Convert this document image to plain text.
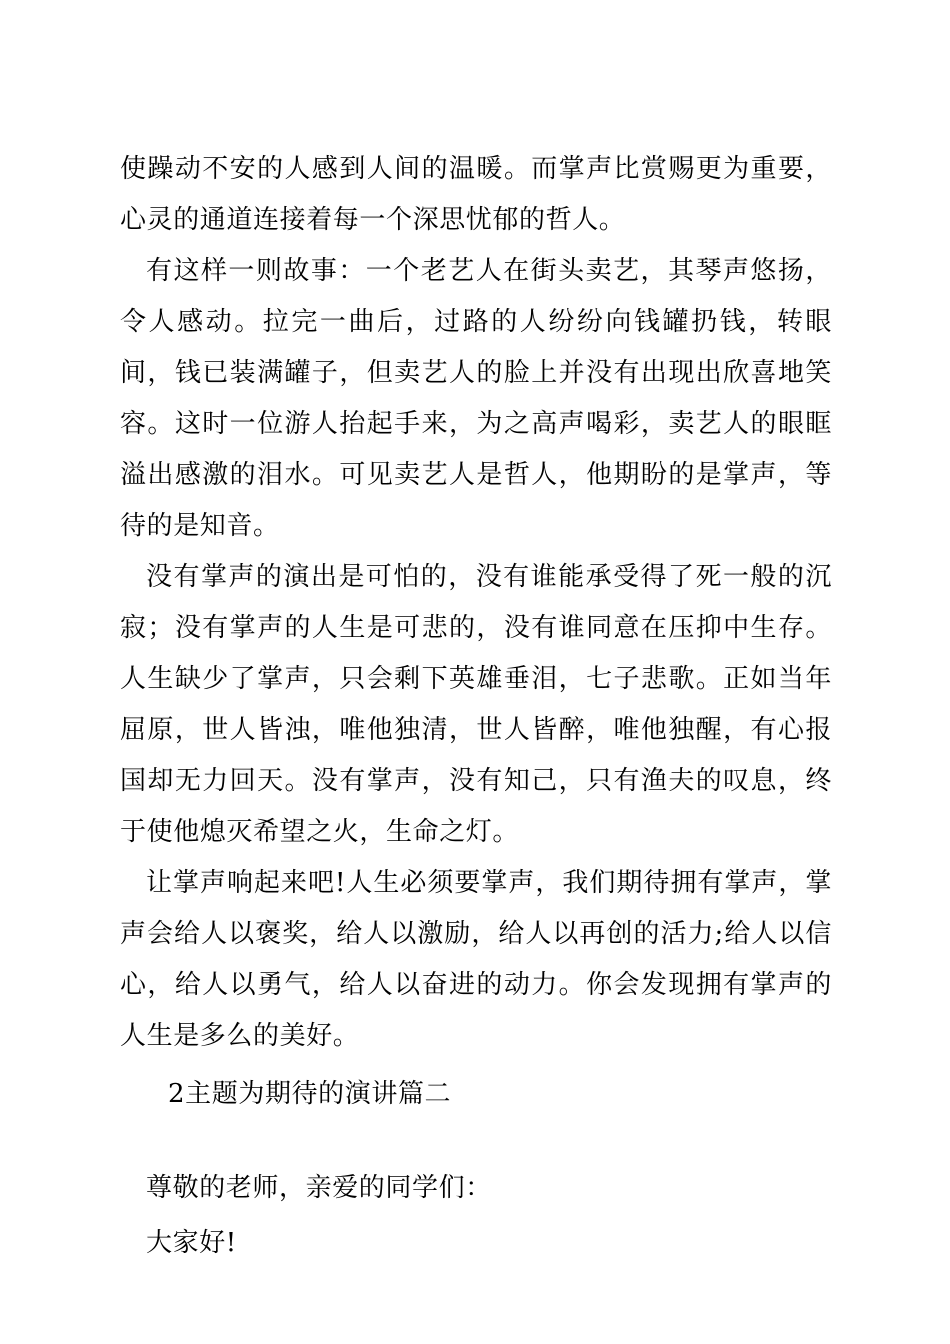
使躁动不安的人感到人间的温暖。而掌声比赏赐更为重要，心灵的通道连接着每一个深思忧郁的哲人。

有这样一则故事：一个老艺人在街头卖艺，其琴声悠扬，令人感动。拉完一曲后，过路的人纷纷向钱罐扔钱，转眼间，钱已装满罐子，但卖艺人的脸上并没有出现出欣喜地笑容。这时一位游人抬起手来，为之高声喝彩，卖艺人的眼眶溢出感激的泪水。可见卖艺人是哲人，他期盼的是掌声，等待的是知音。

没有掌声的演出是可怕的，没有谁能承受得了死一般的沉寂；没有掌声的人生是可悲的，没有谁同意在压抑中生存。人生缺少了掌声，只会剩下英雄垂泪，七子悲歌。正如当年屈原，世人皆浊，唯他独清，世人皆醉，唯他独醒，有心报国却无力回天。没有掌声，没有知己，只有渔夫的叹息，终于使他熄灭希望之火，生命之灯。

让掌声响起来吧!人生必须要掌声，我们期待拥有掌声，掌声会给人以褒奖，给人以激励，给人以再创的活力;给人以信心，给人以勇气，给人以奋进的动力。你会发现拥有掌声的人生是多么的美好。

2主题为期待的演讲篇二

尊敬的老师，亲爱的同学们：

大家好!
